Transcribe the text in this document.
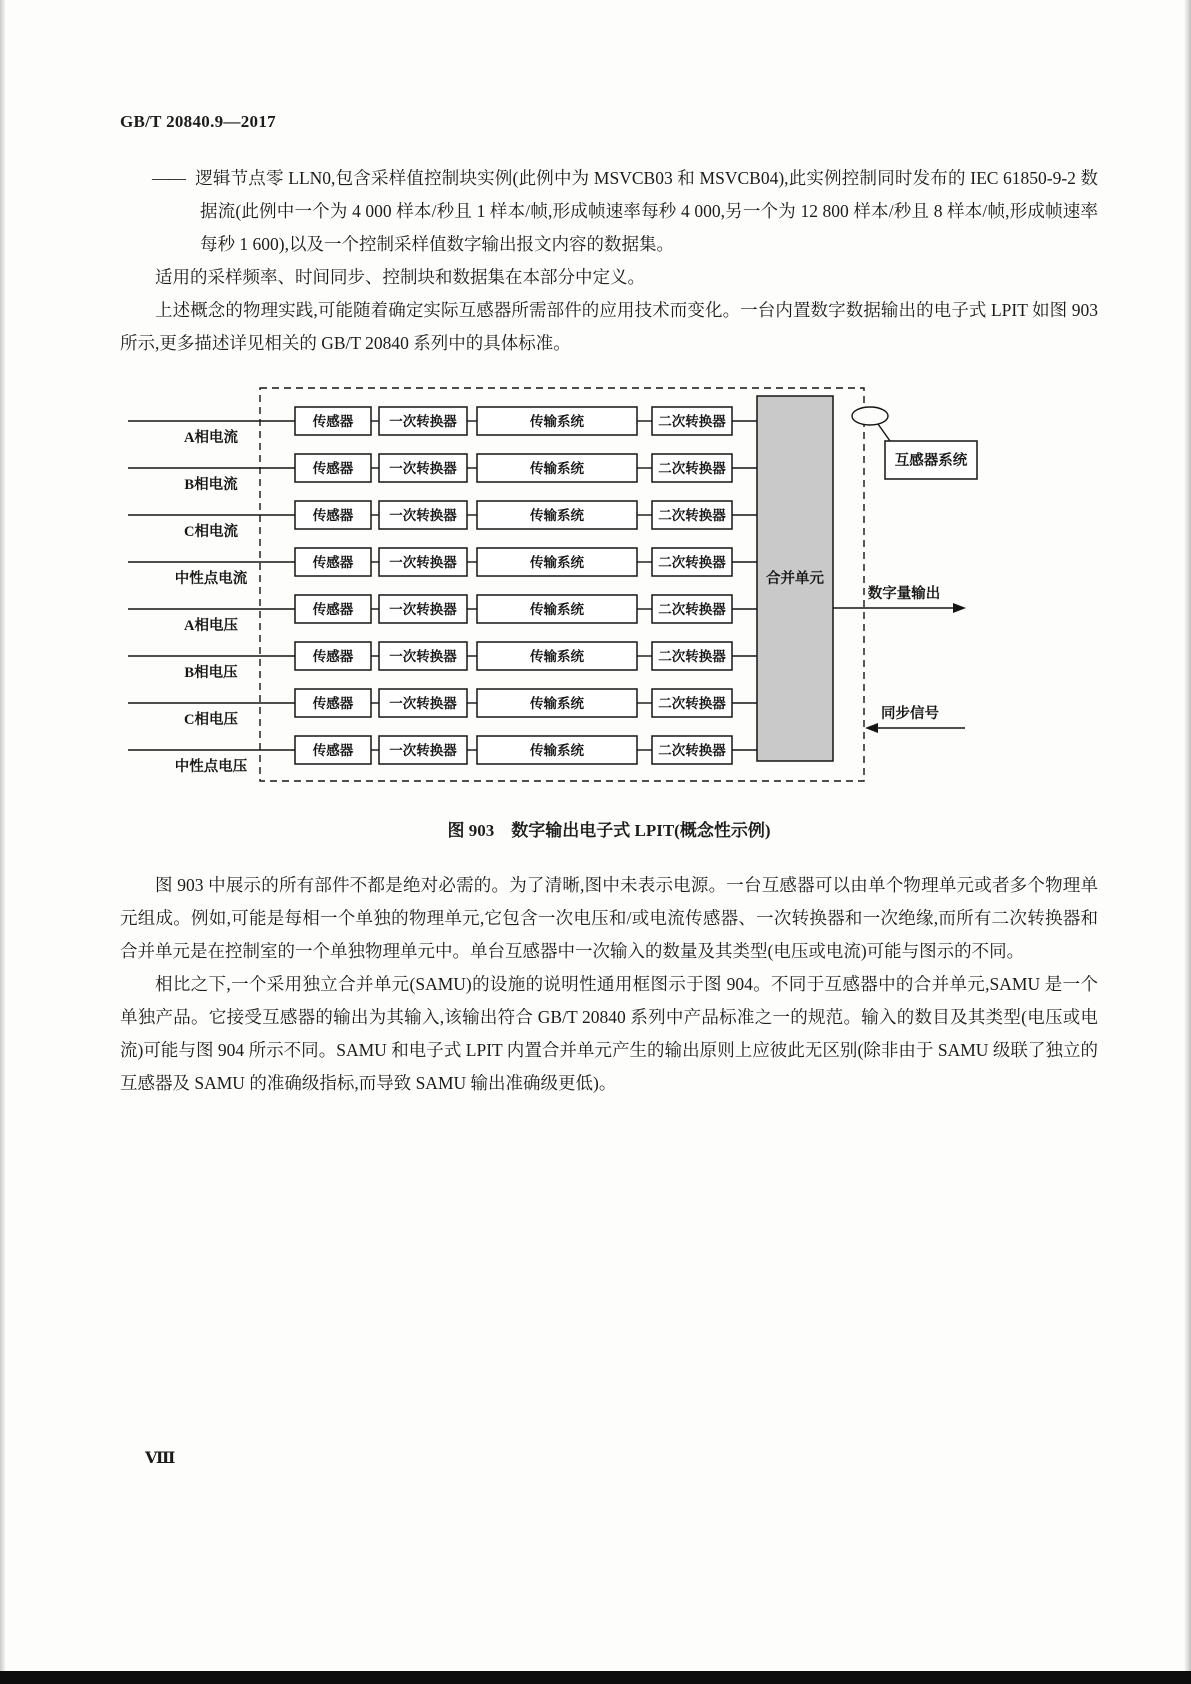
GB/T 20840.9—2017
—— 逻辑节点零 LLN0,包含采样值控制块实例(此例中为 MSVCB03 和 MSVCB04),此实例控制同时发布的 IEC 61850-9-2 数据流(此例中一个为 4 000 样本/秒且 1 样本/帧,形成帧速率每秒 4 000,另一个为 12 800 样本/秒且 8 样本/帧,形成帧速率每秒 1 600),以及一个控制采样值数字输出报文内容的数据集。
适用的采样频率、时间同步、控制块和数据集在本部分中定义。
上述概念的物理实践,可能随着确定实际互感器所需部件的应用技术而变化。一台内置数字数据输出的电子式 LPIT 如图 903 所示,更多描述详见相关的 GB/T 20840 系列中的具体标准。
A相电流
传感器	一次转换器	传输系统	二次转换器
B相电流
传感器	一次转换器	传输系统	二次转换器
C相电流
传感器	一次转换器	传输系统	二次转换器
中性点电流
传感器	一次转换器	传输系统	二次转换器
A相电压
传感器	一次转换器	传输系统	二次转换器
B相电压
传感器	一次转换器	传输系统	二次转换器
C相电压
传感器	一次转换器	传输系统	二次转换器
中性点电压
传感器	一次转换器	传输系统	二次转换器
合并单元
互感器系统
数字量输出
同步信号
图 903　数字输出电子式 LPIT(概念性示例)
图 903 中展示的所有部件不都是绝对必需的。为了清晰,图中未表示电源。一台互感器可以由单个物理单元或者多个物理单元组成。例如,可能是每相一个单独的物理单元,它包含一次电压和/或电流传感器、一次转换器和一次绝缘,而所有二次转换器和合并单元是在控制室的一个单独物理单元中。单台互感器中一次输入的数量及其类型(电压或电流)可能与图示的不同。
相比之下,一个采用独立合并单元(SAMU)的设施的说明性通用框图示于图 904。不同于互感器中的合并单元,SAMU 是一个单独产品。它接受互感器的输出为其输入,该输出符合 GB/T 20840 系列中产品标准之一的规范。输入的数目及其类型(电压或电流)可能与图 904 所示不同。SAMU 和电子式 LPIT 内置合并单元产生的输出原则上应彼此无区别(除非由于 SAMU 级联了独立的互感器及 SAMU 的准确级指标,而导致 SAMU 输出准确级更低)。
Ⅷ
